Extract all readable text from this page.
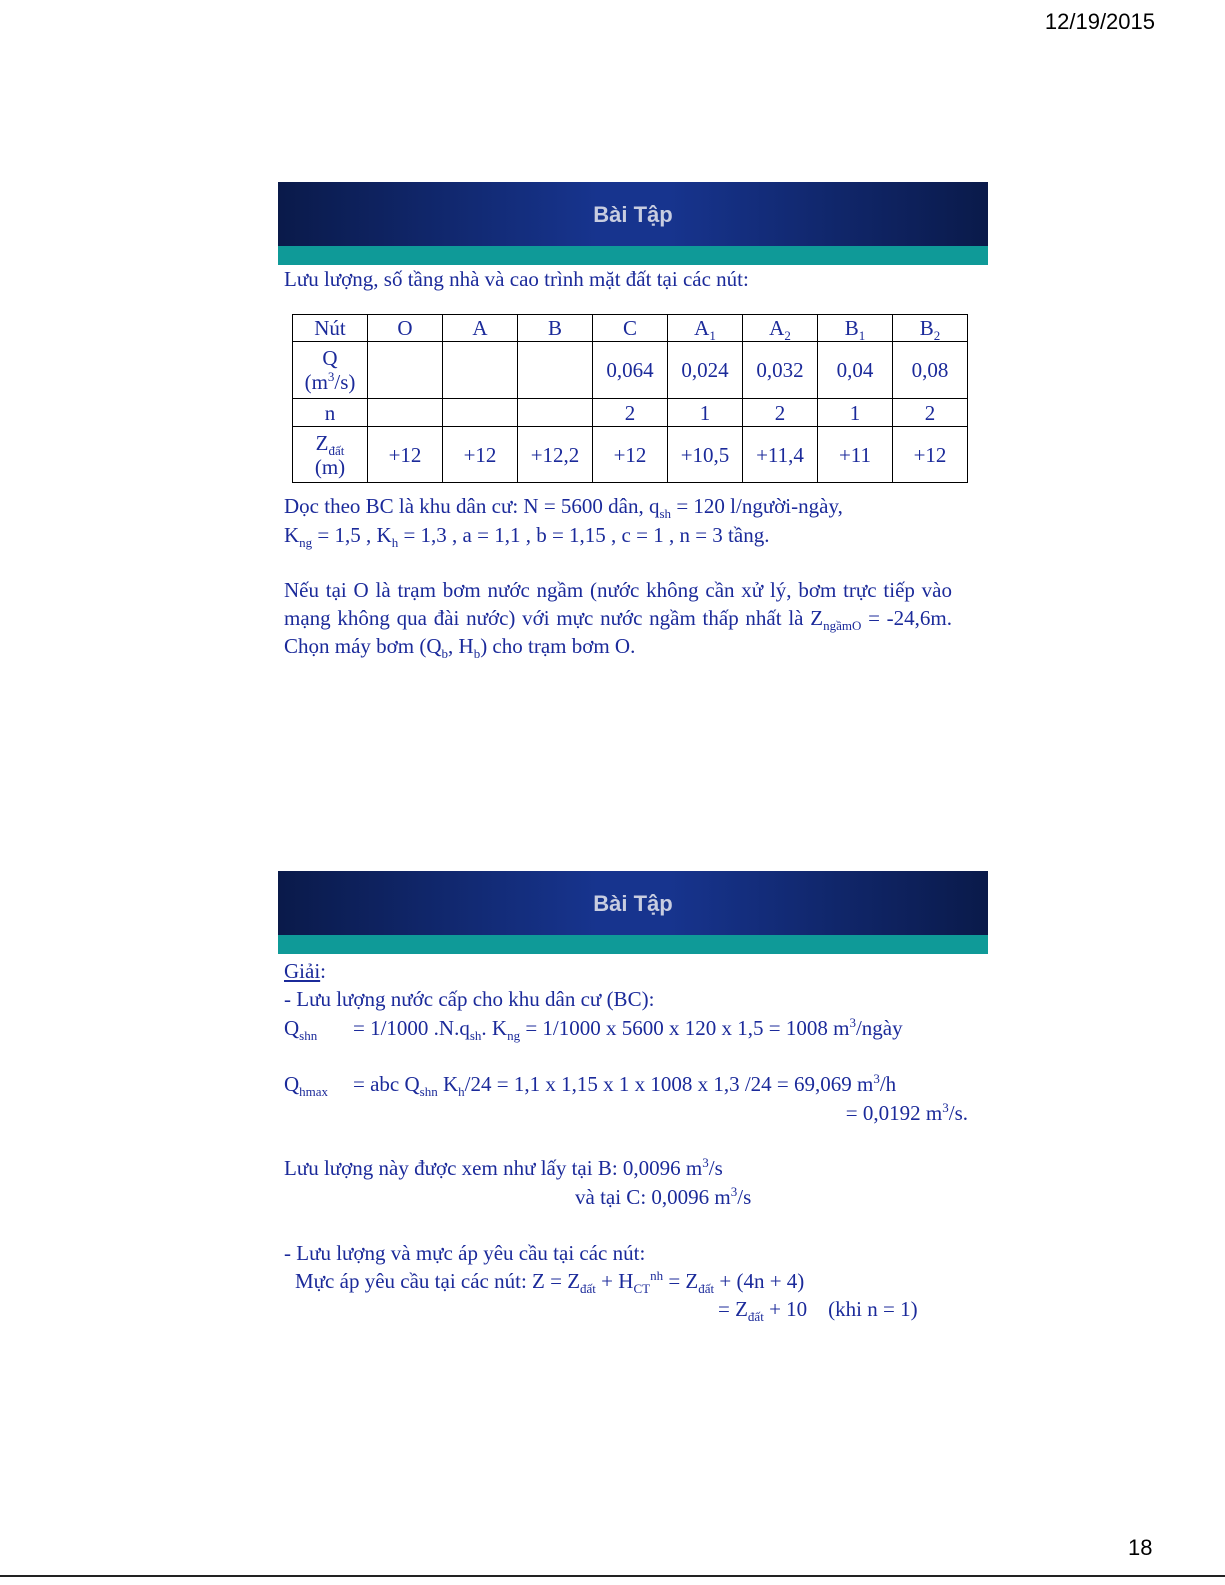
12/19/2015
Bài Tập
Lưu lượng, số tầng nhà và cao trình mặt đất tại các nút:
Nút	O	A	B	C	$A_1$	$A_2$	$B_1$	$B_2$
Q
$(m^3/s)$				0,064	0,024	0,032	0,04	0,08
n				2	1	2	1	2
$Z_{đất}$
(m)	+12	+12	+12,2	+12	+10,5	+11,4	+11	+12
Dọc theo BC là khu dân cư: N = 5600 dân, $q_{sh} = 120$ l/người-ngày,
$K_{ng} = 1,5$ , $K_h = 1,3$ , a = 1,1 , b = 1,15 , c = 1 , n = 3 tầng.
Nếu tại O là trạm bơm nước ngầm (nước không cần xử lý, bơm trực tiếp vào mạng không qua đài nước) với mực nước ngầm thấp nhất là $Z_{ngầmO} = -24,6m$. Chọn máy bơm ($Q_b$, $H_b$) cho trạm bơm O.
Bài Tập
Giải:
- Lưu lượng nước cấp cho khu dân cư (BC):
$Q_{shn} = 1/1000$ $.N.q_{sh}$. $K_{ng} = 1/1000$ x 5600 x 120 x 1,5 = 1008 $m^3$/ngày
$Q_{hmax}$ = abc $Q_{shn}$ $K_h/24 = 1,1$ x 1,15 x 1 x 1008 x 1,3 /24 = 69,069 $m^3/h$
= 0,0192 $m^3/s$.
Lưu lượng này được xem như lấy tại B: 0,0096 $m^3/s$
và tại C: 0,0096 $m^3/s$
- Lưu lượng và mực áp yêu cầu tại các nút:
Mực áp yêu cầu tại các nút: $Z = Z_{đất} + H_{CT}^{nh} = Z_{đất} + (4n + 4)$
= $Z_{đất} + 10$    (khi n = 1)
18
